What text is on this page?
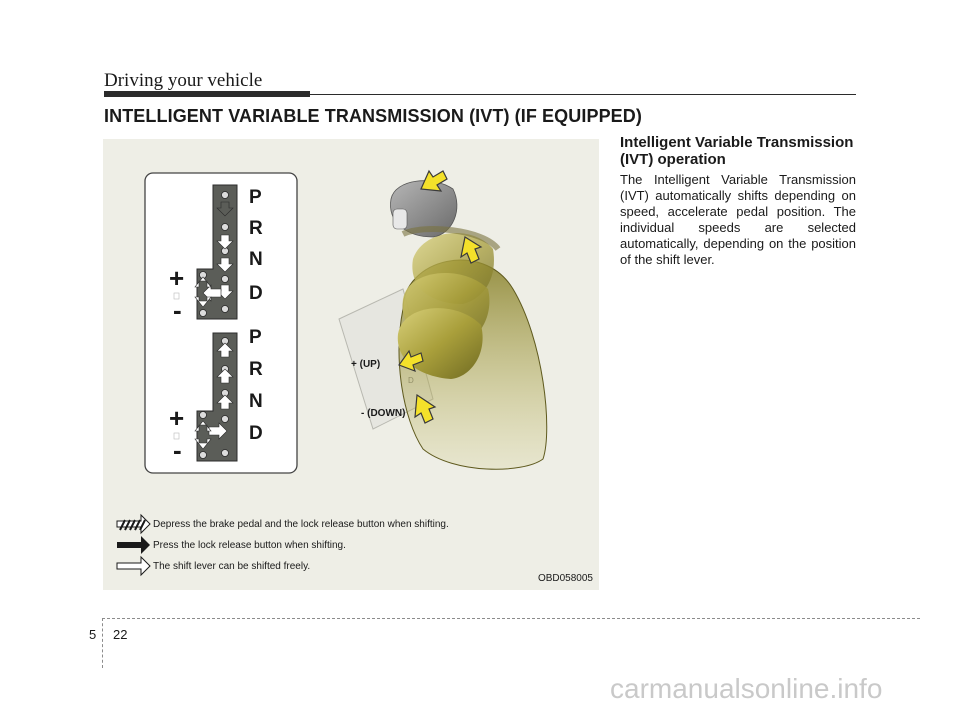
Driving your vehicle
INTELLIGENT VARIABLE TRANSMISSION (IVT) (IF EQUIPPED)
P
R
N
D
P
R
N
D
+
-
+
-
+ (UP)
- (DOWN)
Depress the brake pedal and the lock release button when shifting.
Press the lock release button when shifting.
The shift lever can be shifted freely.
OBD058005
Intelligent Variable Transmission (IVT) operation
The Intelligent Variable Transmission (IVT) automatically shifts depending on speed, accelerate pedal position. The individual speeds are selected automatically, depending on the position of the shift lever.
5 22
carmanualsonline.info
